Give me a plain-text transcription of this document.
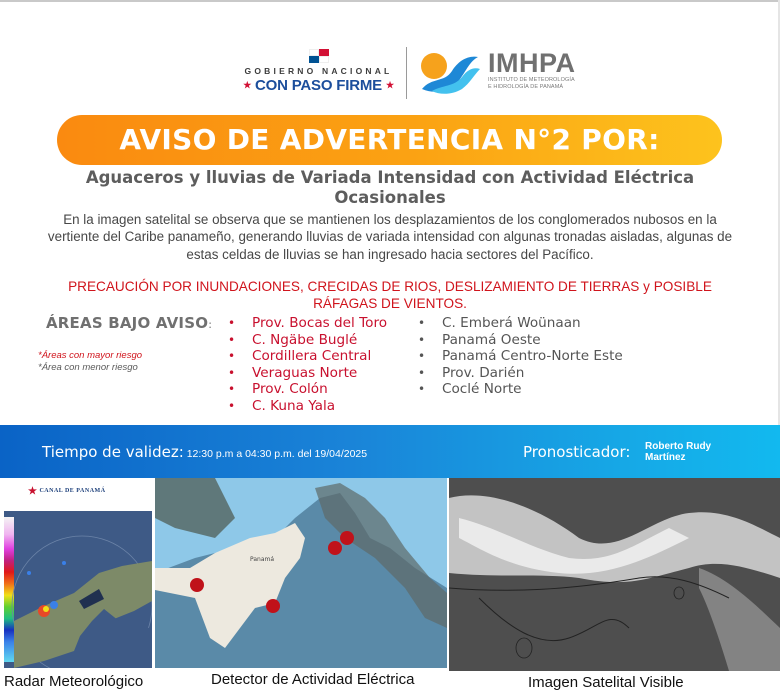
GOBIERNO NACIONAL
★ CON PASO FIRME ★
IMHPA
INSTITUTO DE METEOROLOGÍA
E HIDROLOGÍA DE PANAMÁ
AVISO DE ADVERTENCIA N°2 POR:
Aguaceros y lluvias de Variada Intensidad con Actividad Eléctrica Ocasionales
En la imagen satelital se observa que se mantienen los desplazamientos de los conglomerados nubosos en la vertiente del Caribe panameño, generando lluvias de variada intensidad con algunas tronadas aisladas, algunas de estas celdas de lluvias se han ingresado hacia sectores del Pacífico.
PRECAUCIÓN POR INUNDACIONES, CRECIDAS DE RIOS, DESLIZAMIENTO DE TIERRAS y POSIBLE RÁFAGAS DE VIENTOS.
ÁREAS BAJO AVISO:
*Áreas con mayor riesgo
*Área con menor riesgo
• Prov. Bocas del Toro
• C. Ngäbe Buglé
• Cordillera Central
• Veraguas Norte
• Prov. Colón
• C. Kuna Yala
• C. Emberá Woünaan
• Panamá Oeste
• Panamá Centro-Norte Este
• Prov. Darién
• Coclé Norte
Tiempo de validez: 12:30 p.m a 04:30 p.m. del 19/04/2025	Pronosticador: Roberto Rudy Martínez
★ CANAL DE PANAMÁ
Panamá
Radar Meteorológico	Detector de Actividad Eléctrica	Imagen Satelital Visible
